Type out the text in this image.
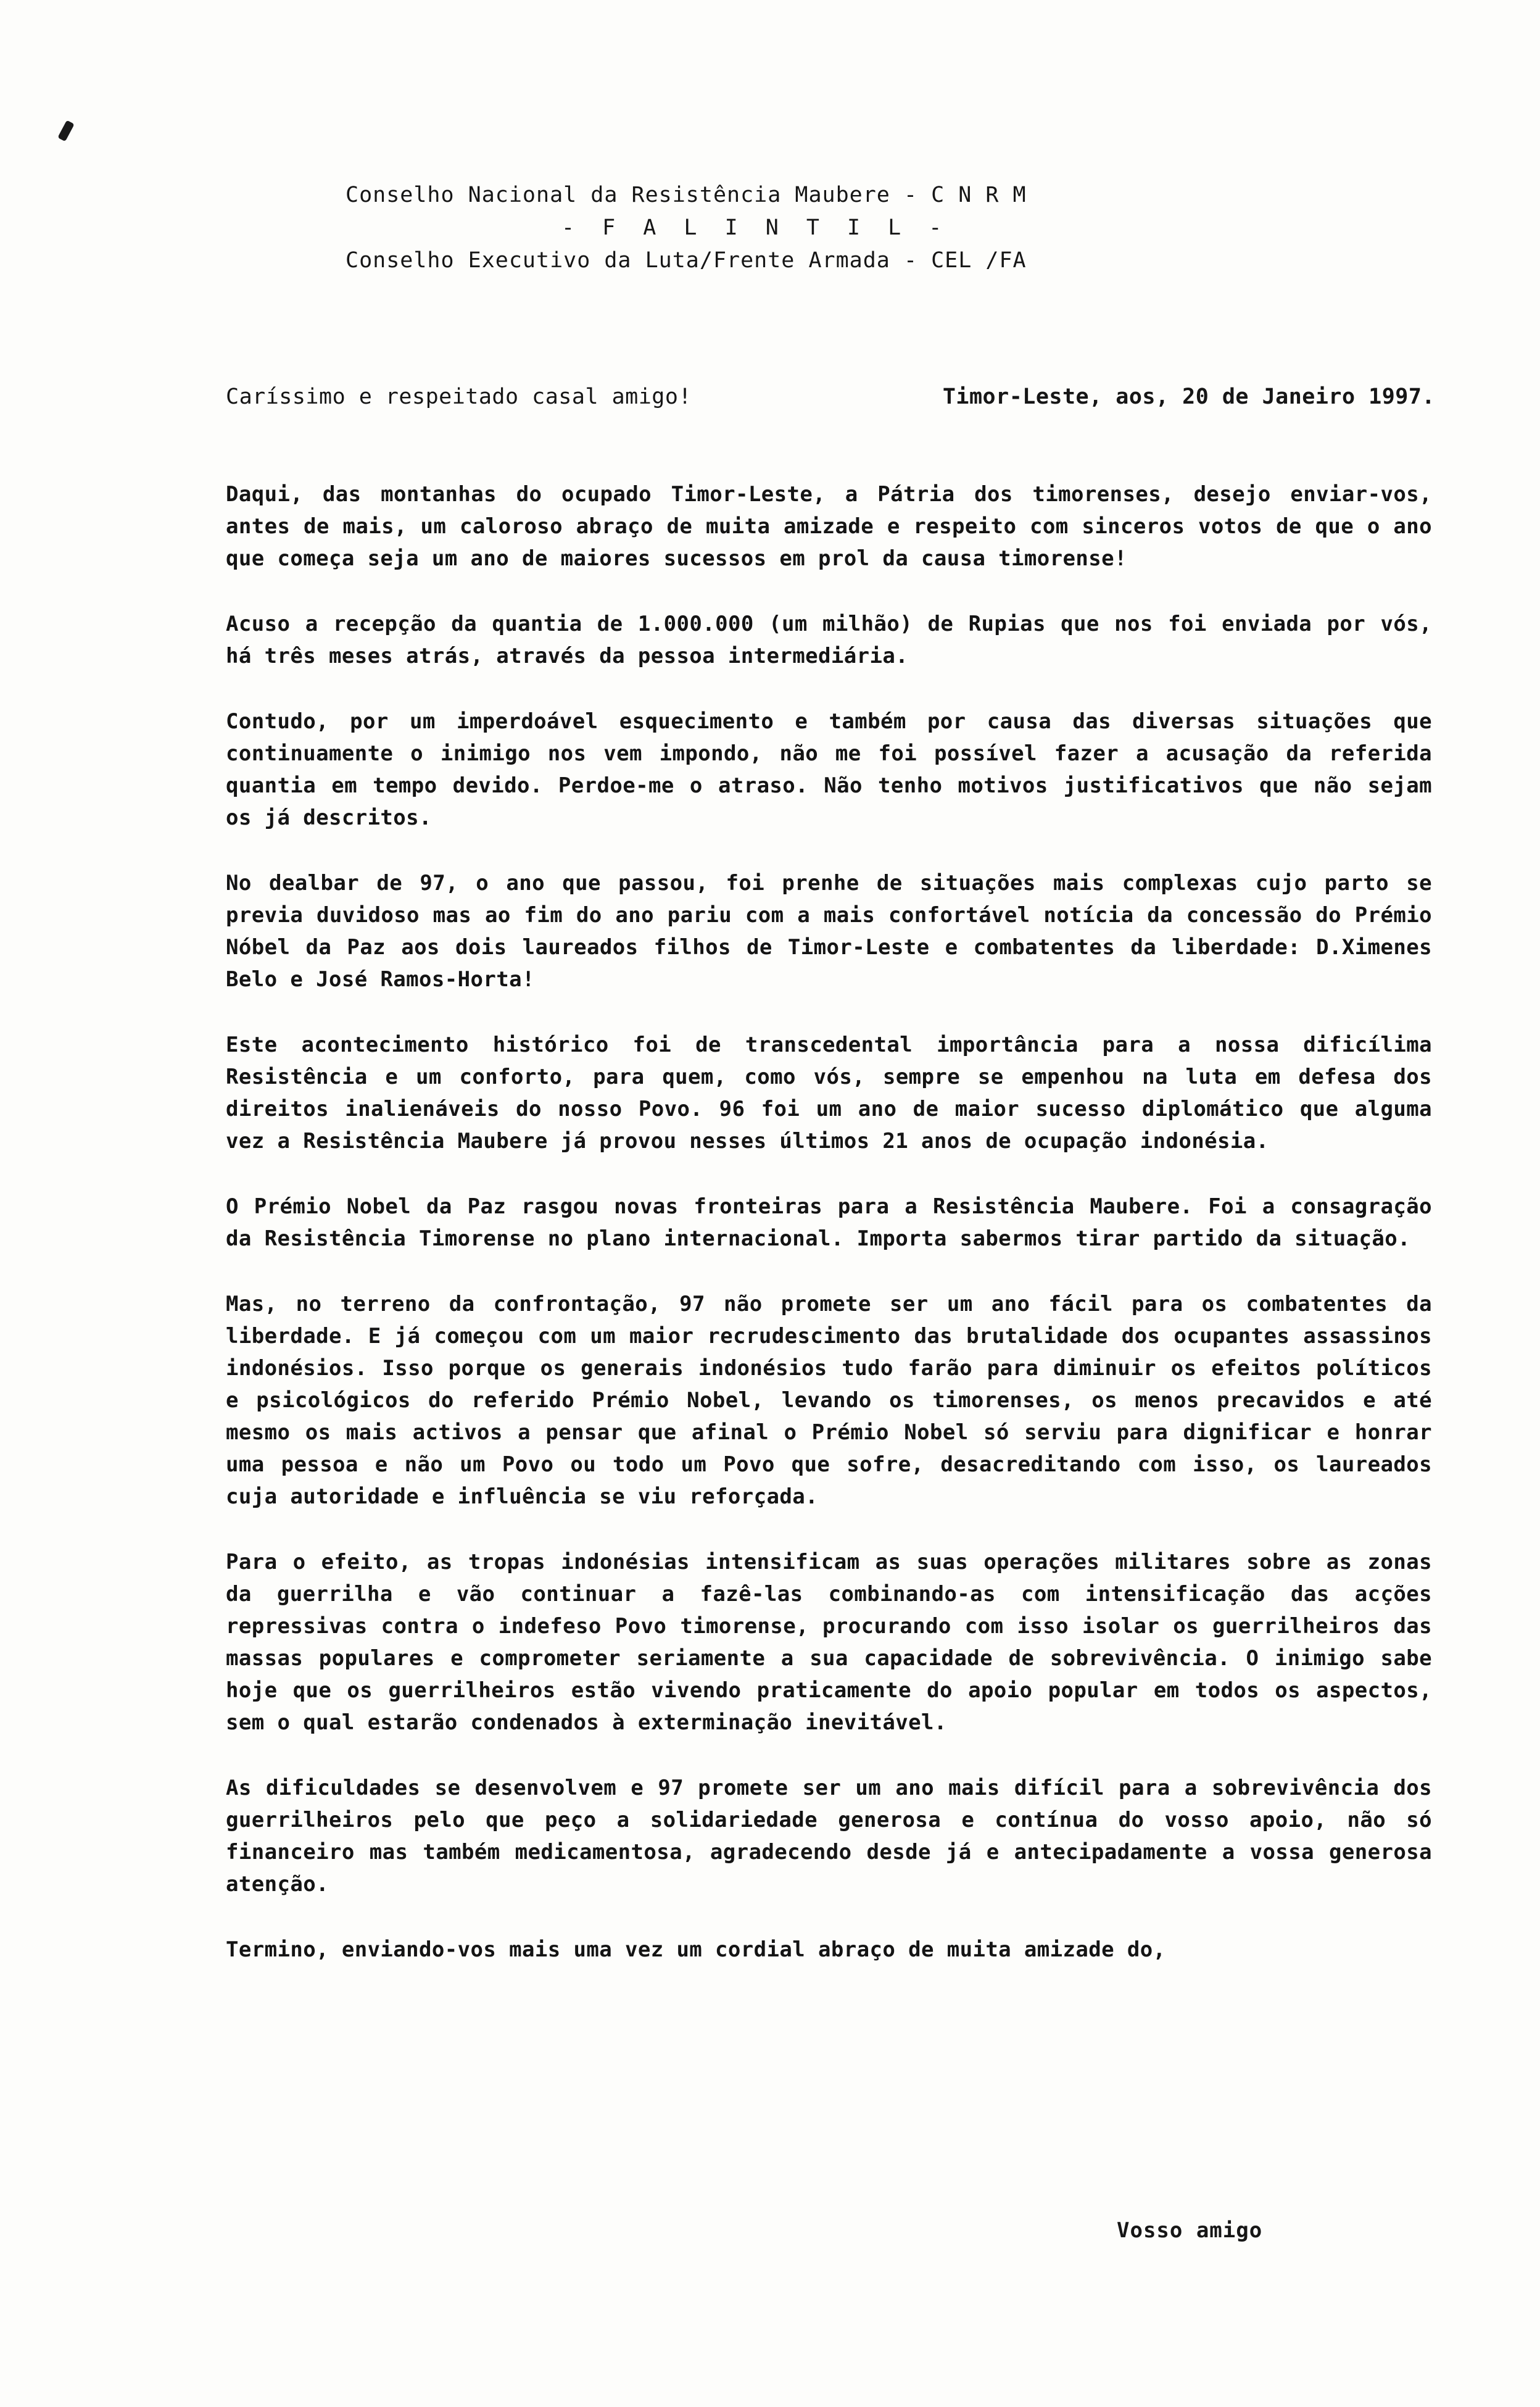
Conselho Nacional da Resistência Maubere - C N R M
- F A L I N T I L -
Conselho Executivo da Luta/Frente Armada - CEL /FA
Caríssimo e respeitado casal amigo!	Timor-Leste, aos, 20 de Janeiro 1997.

Daqui, das montanhas do ocupado Timor-Leste, a Pátria dos timorenses, desejo enviar-vos, antes de mais, um caloroso abraço de muita amizade e respeito com sinceros votos de que o ano que começa seja um ano de maiores sucessos em prol da causa timorense!

Acuso a recepção da quantia de 1.000.000 (um milhão) de Rupias que nos foi enviada por vós, há três meses atrás, através da pessoa intermediária.

Contudo, por um imperdoável esquecimento e também por causa das diversas situações que continuamente o inimigo nos vem impondo, não me foi possível fazer a acusação da referida quantia em tempo devido. Perdoe-me o atraso. Não tenho motivos justificativos que não sejam os já descritos.

No dealbar de 97, o ano que passou, foi prenhe de situações mais complexas cujo parto se previa duvidoso mas ao fim do ano pariu com a mais confortável notícia da concessão do Prémio Nóbel da Paz aos dois laureados filhos de Timor-Leste e combatentes da liberdade: D.Ximenes Belo e José Ramos-Horta!

Este acontecimento histórico foi de transcedental importância para a nossa dificílima Resistência e um conforto, para quem, como vós, sempre se empenhou na luta em defesa dos direitos inalienáveis do nosso Povo. 96 foi um ano de maior sucesso diplomático que alguma vez a Resistência Maubere já provou nesses últimos 21 anos de ocupação indonésia.

O Prémio Nobel da Paz rasgou novas fronteiras para a Resistência Maubere. Foi a consagração da Resistência Timorense no plano internacional. Importa sabermos tirar partido da situação.

Mas, no terreno da confrontação, 97 não promete ser um ano fácil para os combatentes da liberdade. E já começou com um maior recrudescimento das brutalidade dos ocupantes assassinos indonésios. Isso porque os generais indonésios tudo farão para diminuir os efeitos políticos e psicológicos do referido Prémio Nobel, levando os timorenses, os menos precavidos e até mesmo os mais activos a pensar que afinal o Prémio Nobel só serviu para dignificar e honrar uma pessoa e não um Povo ou todo um Povo que sofre, desacreditando com isso, os laureados cuja autoridade e influência se viu reforçada.

Para o efeito, as tropas indonésias intensificam as suas operações militares sobre as zonas da guerrilha e vão continuar a fazê-las combinando-as com intensificação das acções repressivas contra o indefeso Povo timorense, procurando com isso isolar os guerrilheiros das massas populares e comprometer seriamente a sua capacidade de sobrevivência. O inimigo sabe hoje que os guerrilheiros estão vivendo praticamente do apoio popular em todos os aspectos, sem o qual estarão condenados à exterminação inevitável.

As dificuldades se desenvolvem e 97 promete ser um ano mais difícil para a sobrevivência dos guerrilheiros pelo que peço a solidariedade generosa e contínua do vosso apoio, não só financeiro mas também medicamentosa, agradecendo desde já e antecipadamente a vossa generosa atenção.

Termino, enviando-vos mais uma vez um cordial abraço de muita amizade do,

Vosso amigo
